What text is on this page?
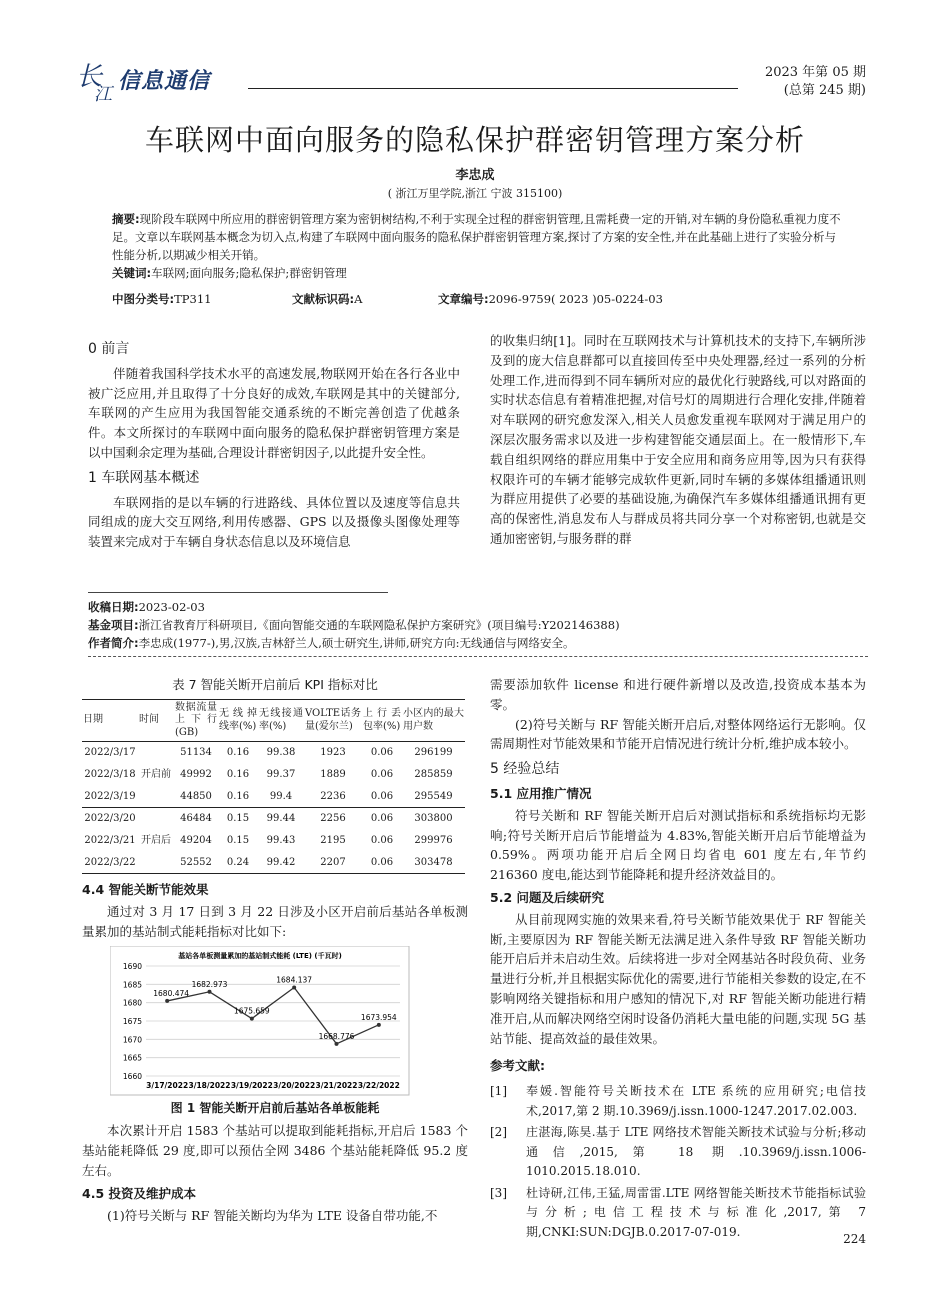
长
江
信息通信	2023 年第 05 期
(总第 245 期)
车联网中面向服务的隐私保护群密钥管理方案分析
李忠成
( 浙江万里学院,浙江 宁波 315100)

摘要:现阶段车联网中所应用的群密钥管理方案为密钥树结构,不利于实现全过程的群密钥管理,且需耗费一定的开销,对车辆的身份隐私重视力度不足。文章以车联网基本概念为切入点,构建了车联网中面向服务的隐私保护群密钥管理方案,探讨了方案的安全性,并在此基础上进行了实验分析与性能分析,以期减少相关开销。

关键词:车联网;面向服务;隐私保护;群密钥管理

中图分类号:TP311	文献标识码:A	文章编号:2096-9759( 2023 )05-0224-03
0 前言

伴随着我国科学技术水平的高速发展,物联网开始在各行各业中被广泛应用,并且取得了十分良好的成效,车联网是其中的关键部分,车联网的产生应用为我国智能交通系统的不断完善创造了优越条件。本文所探讨的车联网中面向服务的隐私保护群密钥管理方案是以中国剩余定理为基础,合理设计群密钥因子,以此提升安全性。

1 车联网基本概述

车联网指的是以车辆的行进路线、具体位置以及速度等信息共同组成的庞大交互网络,利用传感器、GPS 以及摄像头图像处理等装置来完成对于车辆自身状态信息以及环境信息

的收集归纳[1]。同时在互联网技术与计算机技术的支持下,车辆所涉及到的庞大信息群都可以直接回传至中央处理器,经过一系列的分析处理工作,进而得到不同车辆所对应的最优化行驶路线,可以对路面的实时状态信息有着精准把握,对信号灯的周期进行合理化安排,伴随着对车联网的研究愈发深入,相关人员愈发重视车联网对于满足用户的深层次服务需求以及进一步构建智能交通层面上。在一般情形下,车载自组织网络的群应用集中于安全应用和商务应用等,因为只有获得权限许可的车辆才能够完成软件更新,同时车辆的多媒体组播通讯则为群应用提供了必要的基础设施,为确保汽车多媒体组播通讯拥有更高的保密性,消息发布人与群成员将共同分享一个对称密钥,也就是交通加密密钥,与服务群的群

收稿日期:2023-02-03
基金项目:浙江省教育厅科研项目,《面向智能交通的车联网隐私保护方案研究》(项目编号:Y202146388)
作者简介:李忠成(1977-),男,汉族,吉林舒兰人,硕士研究生,讲师,研究方向:无线通信与网络安全。
表 7 智能关断开启前后 KPI 指标对比
日期	时间	数据流量上下行(GB)	无线掉线率(%)	无线接通率(%)	VOLTE话务量(爱尔兰)	上行丢包率(%)	小区内的最大用户数
2022/3/17		51134	0.16	99.38	1923	0.06	296199
2022/3/18	开启前	49992	0.16	99.37	1889	0.06	285859
2022/3/19		44850	0.16	99.4	2236	0.06	295549
2022/3/20		46484	0.15	99.44	2256	0.06	303800
2022/3/21	开启后	49204	0.15	99.43	2195	0.06	299976
2022/3/22		52552	0.24	99.42	2207	0.06	303478
4.4 智能关断节能效果

通过对 3 月 17 日到 3 月 22 日涉及小区开启前后基站各单板测量累加的基站制式能耗指标对比如下:

基站各单板测量累加的基站制式能耗 (LTE) (千瓦时)
1690
1685
1680
1675
1670
1665
1660
3/17/2022 3/18/2022 3/19/2022 3/20/2022 3/21/2022 3/22/2022
1680.474
1682.973
1675.659
1684.137
1668.776
1673.954
图 1 智能关断开启前后基站各单板能耗

本次累计开启 1583 个基站可以提取到能耗指标,开启后 1583 个基站能耗降低 29 度,即可以预估全网 3486 个基站能耗降低 95.2 度左右。

4.5 投资及维护成本

(1)符号关断与 RF 智能关断均为华为 LTE 设备自带功能,不

需要添加软件 license 和进行硬件新增以及改造,投资成本基本为零。

(2)符号关断与 RF 智能关断开启后,对整体网络运行无影响。仅需周期性对节能效果和节能开启情况进行统计分析,维护成本较小。

5 经验总结
5.1 应用推广情况

符号关断和 RF 智能关断开启后对测试指标和系统指标均无影响;符号关断开启后节能增益为 4.83%,智能关断开启后节能增益为 0.59%。两项功能开启后全网日均省电 601 度左右,年节约 216360 度电,能达到节能降耗和提升经济效益目的。

5.2 问题及后续研究

从目前现网实施的效果来看,符号关断节能效果优于 RF 智能关断,主要原因为 RF 智能关断无法满足进入条件导致 RF 智能关断功能开启后并未启动生效。后续将进一步对全网基站各时段负荷、业务量进行分析,并且根据实际优化的需要,进行节能相关参数的设定,在不影响网络关键指标和用户感知的情况下,对 RF 智能关断功能进行精准开启,从而解决网络空闲时设备仍消耗大量电能的问题,实现 5G 基站节能、提高效益的最佳效果。

参考文献:
[1] 奉媛.智能符号关断技术在 LTE 系统的应用研究;电信技术,2017,第 2 期.10.3969/j.issn.1000-1247.2017.02.003.
[2] 庄湛海,陈昊.基于 LTE 网络技术智能关断技术试验与分析;移动通信,2015,第 18 期.10.3969/j.issn.1006-1010.2015.18.010.
[3] 杜诗研,江伟,王猛,周雷雷.LTE 网络智能关断技术节能指标试验与分析;电信工程技术与标准化,2017,第 7 期,CNKI:SUN:DGJB.0.2017-07-019.
224
